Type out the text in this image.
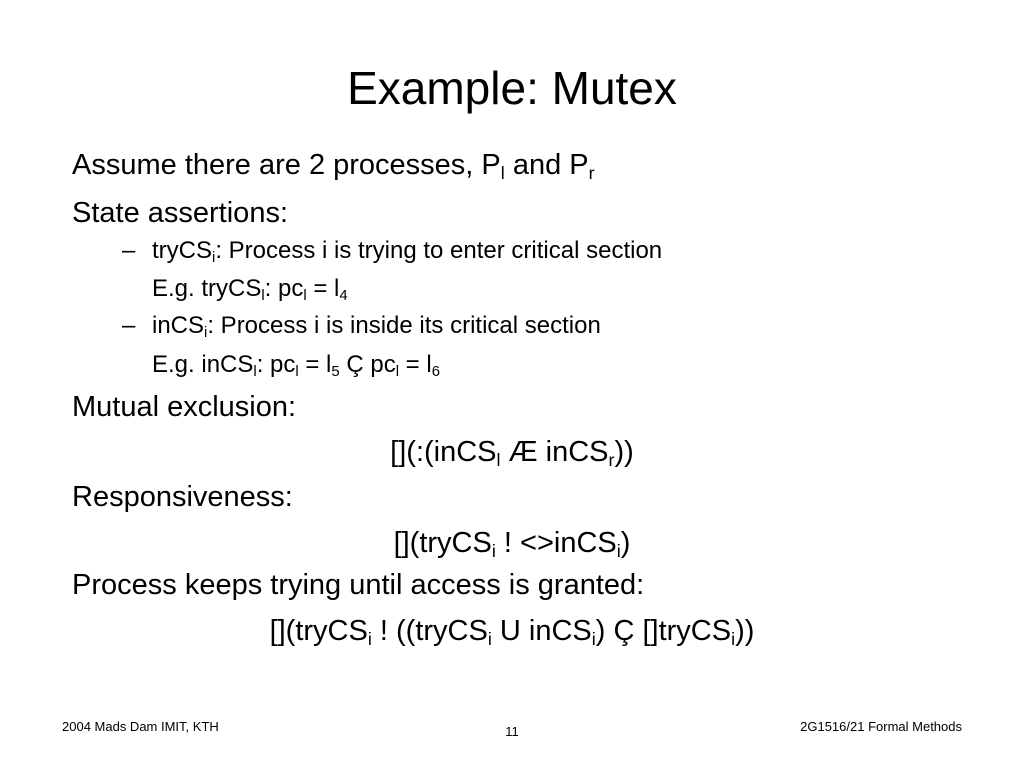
Example: Mutex
Assume there are 2 processes, $P_l$ and $P_r$
State assertions:
– tryCS$_i$: Process i is trying to enter critical section
E.g. tryCS$_l$: $pc_l = l_4$
– inCS$_i$: Process i is inside its critical section
E.g. inCS$_l$: $pc_l = l_5$ Ç $pc_l = l_6$
Mutual exclusion:
[](:(inCS$_l$ Æ inCS$_r$))
Responsiveness:
[](tryCS$_i$ ! <>inCS$_i$)
Process keeps trying until access is granted:
[](tryCS$_i$ ! ((tryCS$_i$ U inCS$_i$) Ç []tryCS$_i$))
2004 Mads Dam IMIT, KTH	11	2G1516/21 Formal Methods
